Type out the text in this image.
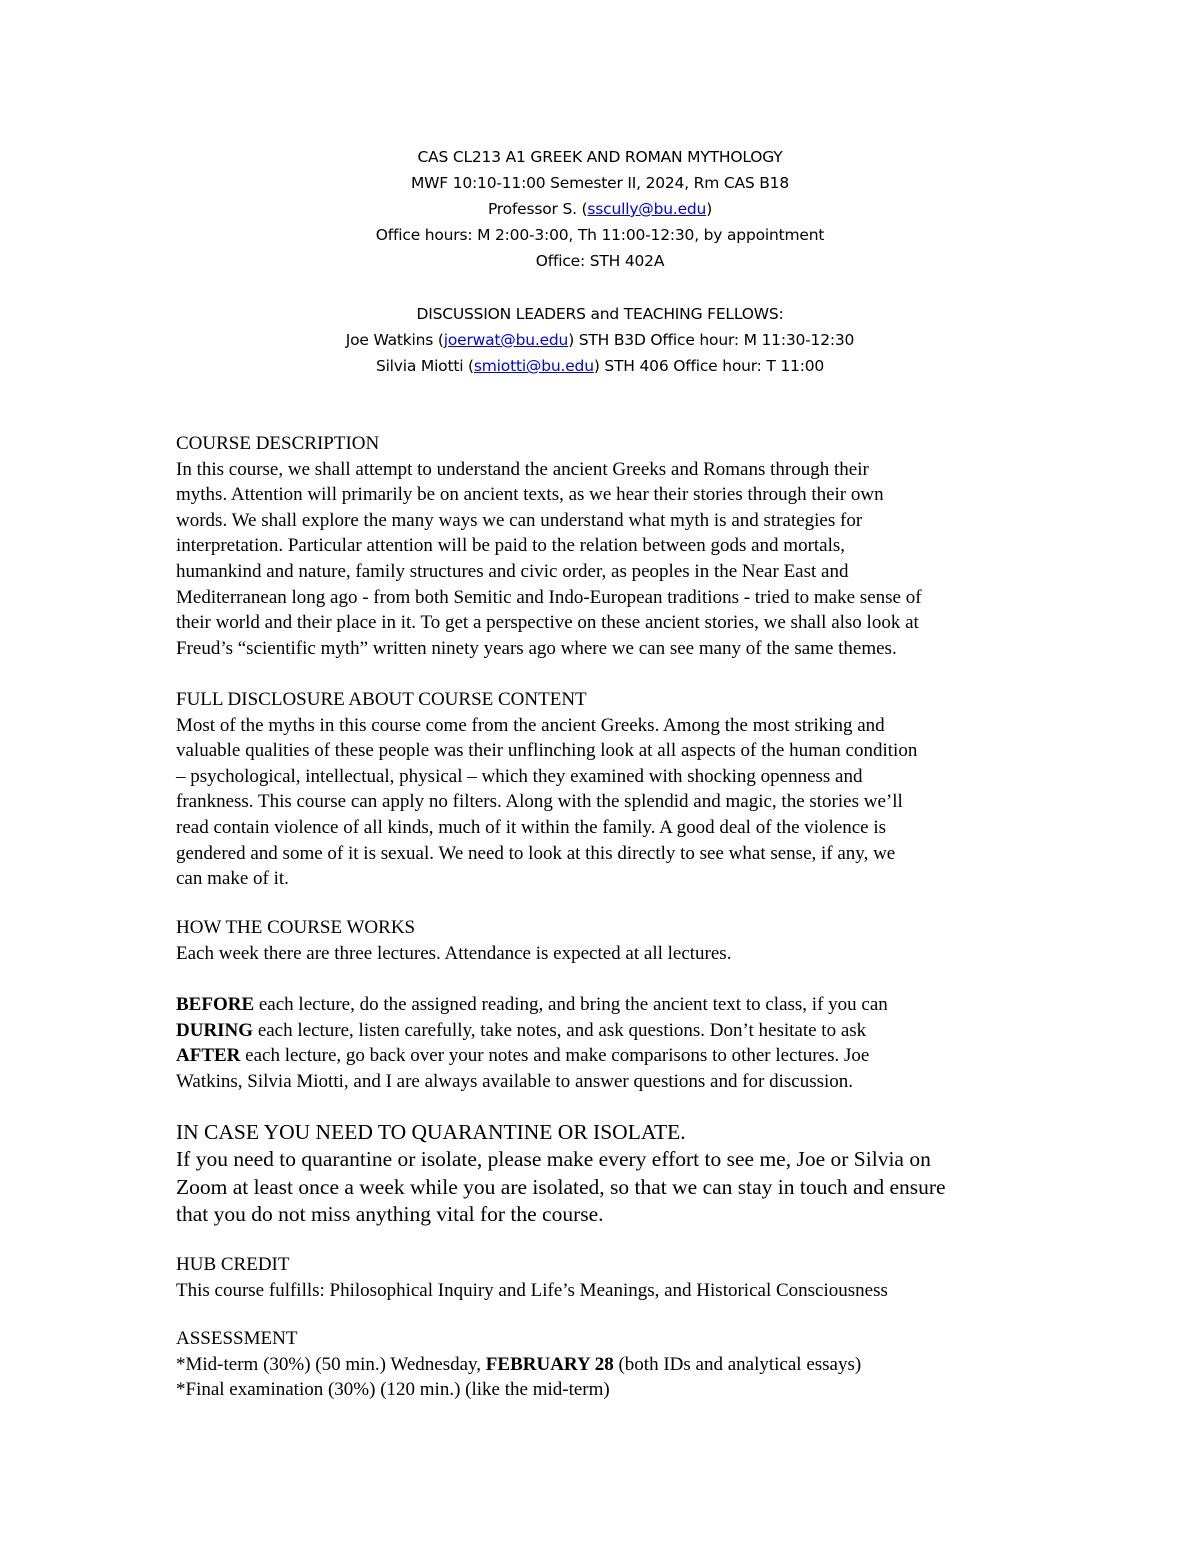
CAS CL213 A1 GREEK AND ROMAN MYTHOLOGY
MWF 10:10-11:00 Semester II, 2024, Rm CAS B18
Professor S. (sscully@bu.edu)
Office hours: M 2:00-3:00, Th 11:00-12:30, by appointment
Office: STH 402A
DISCUSSION LEADERS and TEACHING FELLOWS:
Joe Watkins (joerwat@bu.edu) STH B3D Office hour: M 11:30-12:30
Silvia Miotti (smiotti@bu.edu) STH 406 Office hour: T 11:00
COURSE DESCRIPTION
In this course, we shall attempt to understand the ancient Greeks and Romans through their
myths. Attention will primarily be on ancient texts, as we hear their stories through their own
words. We shall explore the many ways we can understand what myth is and strategies for
interpretation. Particular attention will be paid to the relation between gods and mortals,
humankind and nature, family structures and civic order, as peoples in the Near East and
Mediterranean long ago - from both Semitic and Indo-European traditions - tried to make sense of
their world and their place in it. To get a perspective on these ancient stories, we shall also look at
Freud’s “scientific myth” written ninety years ago where we can see many of the same themes.
FULL DISCLOSURE ABOUT COURSE CONTENT
Most of the myths in this course come from the ancient Greeks. Among the most striking and
valuable qualities of these people was their unflinching look at all aspects of the human condition
– psychological, intellectual, physical – which they examined with shocking openness and
frankness. This course can apply no filters. Along with the splendid and magic, the stories we’ll
read contain violence of all kinds, much of it within the family. A good deal of the violence is
gendered and some of it is sexual. We need to look at this directly to see what sense, if any, we
can make of it.
HOW THE COURSE WORKS
Each week there are three lectures. Attendance is expected at all lectures.
BEFORE each lecture, do the assigned reading, and bring the ancient text to class, if you can
DURING each lecture, listen carefully, take notes, and ask questions. Don’t hesitate to ask
AFTER each lecture, go back over your notes and make comparisons to other lectures. Joe
Watkins, Silvia Miotti, and I are always available to answer questions and for discussion.
IN CASE YOU NEED TO QUARANTINE OR ISOLATE.
If you need to quarantine or isolate, please make every effort to see me, Joe or Silvia on
Zoom at least once a week while you are isolated, so that we can stay in touch and ensure
that you do not miss anything vital for the course.
HUB CREDIT
This course fulfills: Philosophical Inquiry and Life’s Meanings, and Historical Consciousness
ASSESSMENT
*Mid-term (30%) (50 min.) Wednesday, FEBRUARY 28 (both IDs and analytical essays)
*Final examination (30%) (120 min.) (like the mid-term)
